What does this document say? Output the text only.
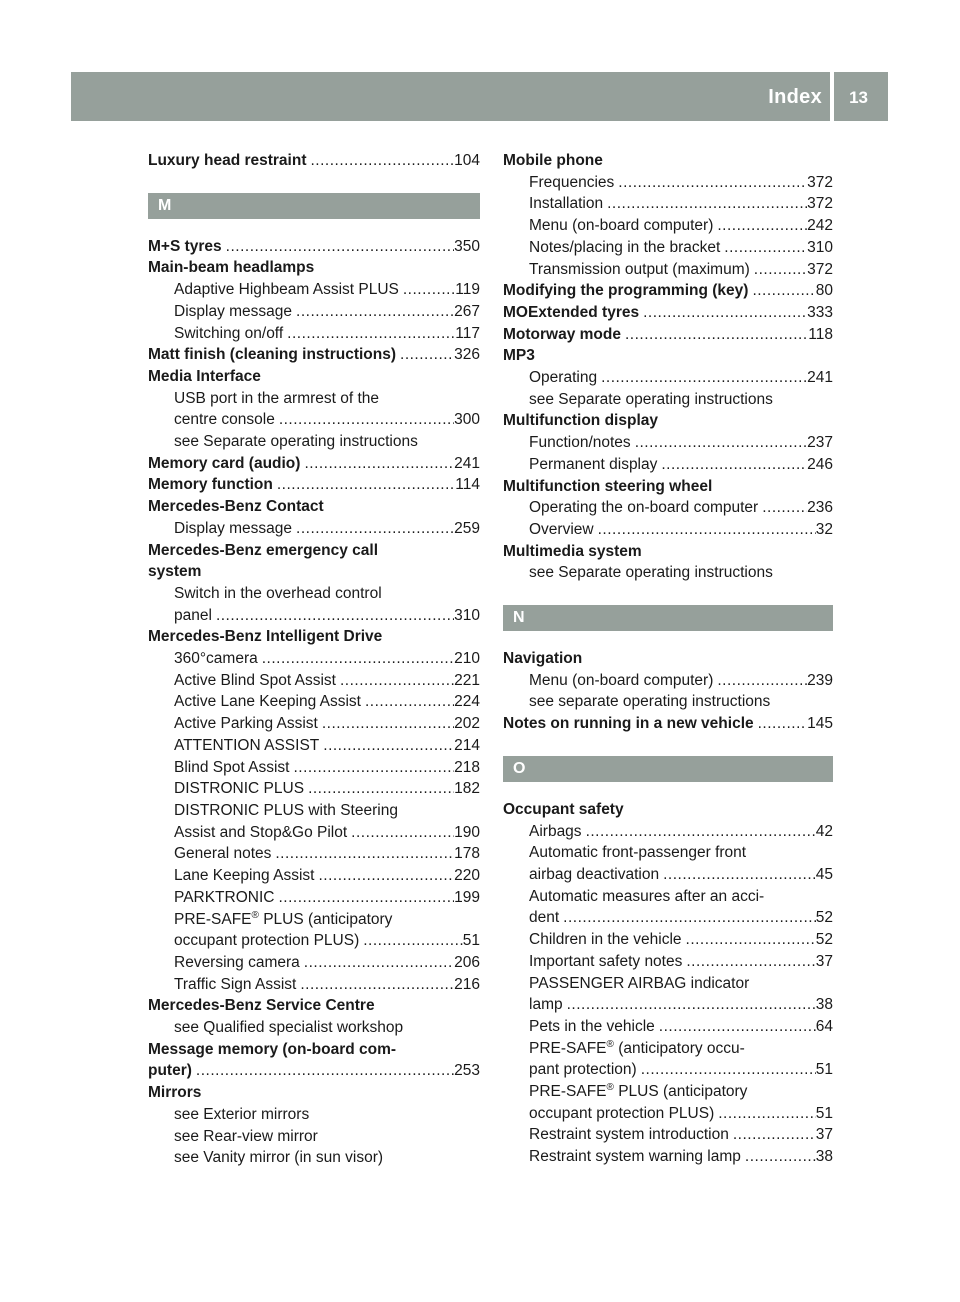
Index 13
Luxury head restraint .....	104
M
M+S tyres .....	350
Main-beam headlamps
Adaptive Highbeam Assist PLUS .....	119
Display message .....	267
Switching on/off .....	117
Matt finish (cleaning instructions) .....	326
Media Interface
USB port in the armrest of the
centre console .....	300
see Separate operating instructions
Memory card (audio) .....	241
Memory function .....	114
Mercedes-Benz Contact
Display message .....	259
Mercedes-Benz emergency call
system
Switch in the overhead control
panel .....	310
Mercedes-Benz Intelligent Drive
360°camera .....	210
Active Blind Spot Assist .....	221
Active Lane Keeping Assist .....	224
Active Parking Assist .....	202
ATTENTION ASSIST .....	214
Blind Spot Assist .....	218
DISTRONIC PLUS .....	182
DISTRONIC PLUS with Steering
Assist and Stop&Go Pilot .....	190
General notes .....	178
Lane Keeping Assist .....	220
PARKTRONIC .....	199
PRE-SAFE® PLUS (anticipatory
occupant protection PLUS) .....	51
Reversing camera .....	206
Traffic Sign Assist .....	216
Mercedes-Benz Service Centre
see Qualified specialist workshop
Message memory (on-board com-
puter) .....	253
Mirrors
see Exterior mirrors
see Rear-view mirror
see Vanity mirror (in sun visor)
Mobile phone
Frequencies .....	372
Installation .....	372
Menu (on-board computer) .....	242
Notes/placing in the bracket .....	310
Transmission output (maximum) .....	372
Modifying the programming (key) .....	80
MOExtended tyres .....	333
Motorway mode .....	118
MP3
Operating .....	241
see Separate operating instructions
Multifunction display
Function/notes .....	237
Permanent display .....	246
Multifunction steering wheel
Operating the on-board computer .....	236
Overview .....	32
Multimedia system
see Separate operating instructions
N
Navigation
Menu (on-board computer) .....	239
see separate operating instructions
Notes on running in a new vehicle .....	145
O
Occupant safety
Airbags .....	42
Automatic front-passenger front
airbag deactivation .....	45
Automatic measures after an acci-
dent .....	52
Children in the vehicle .....	52
Important safety notes .....	37
PASSENGER AIRBAG indicator
lamp .....	38
Pets in the vehicle .....	64
PRE-SAFE® (anticipatory occu-
pant protection) .....	51
PRE-SAFE® PLUS (anticipatory
occupant protection PLUS) .....	51
Restraint system introduction .....	37
Restraint system warning lamp .....	38
